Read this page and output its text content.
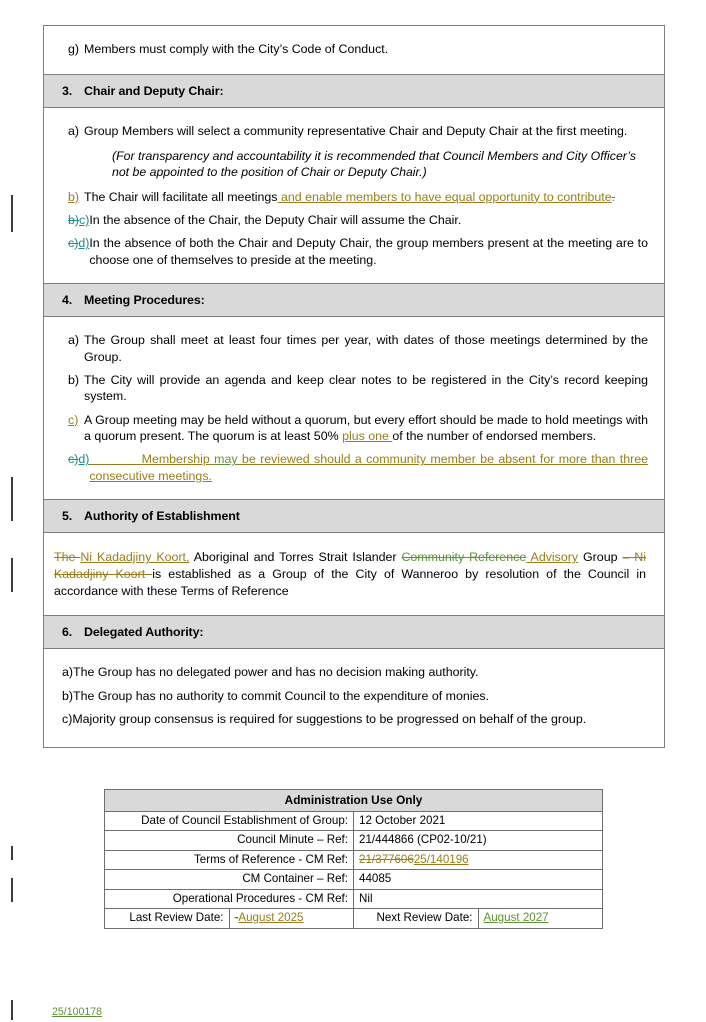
g) Members must comply with the City’s Code of Conduct.

3. Chair and Deputy Chair:

a) Group Members will select a community representative Chair and Deputy Chair at the first meeting.
(For transparency and accountability it is recommended that Council Members and City Officer’s not be appointed to the position of Chair or Deputy Chair.)
b) The Chair will facilitate all meetings and enable members to have equal opportunity to contribute.
b)c) In the absence of the Chair, the Deputy Chair will assume the Chair.
c)d) In the absence of both the Chair and Deputy Chair, the group members present at the meeting are to choose one of themselves to preside at the meeting.

4. Meeting Procedures:

a) The Group shall meet at least four times per year, with dates of those meetings determined by the Group.
b) The City will provide an agenda and keep clear notes to be registered in the City’s record keeping system.
c) A Group meeting may be held without a quorum, but every effort should be made to hold meetings with a quorum present. The quorum is at least 50% plus one of the number of endorsed members.
c)d)	Membership may be reviewed should a community member be absent for more than three consecutive meetings.

5. Authority of Establishment

The Ni Kadadjiny Koort, Aboriginal and Torres Strait Islander Community Reference Advisory Group – Ni Kadadjiny Koort is established as a Group of the City of Wanneroo by resolution of the Council in accordance with these Terms of Reference

6. Delegated Authority:

a) The Group has no delegated power and has no decision making authority.
b) The Group has no authority to commit Council to the expenditure of monies.
c) Majority group consensus is required for suggestions to be progressed on behalf of the group.
Administration Use Only			
Date of Council Establishment of Group:		12 October 2021	
Council Minute – Ref:		21/444866 (CP02-10/21)	
Terms of Reference - CM Ref:		21/37760625/140196	
CM Container – Ref:		44085	
Operational Procedures - CM Ref:		Nil	
Last Review Date:	-August 2025	Next Review Date:	August 2027
25/100178
